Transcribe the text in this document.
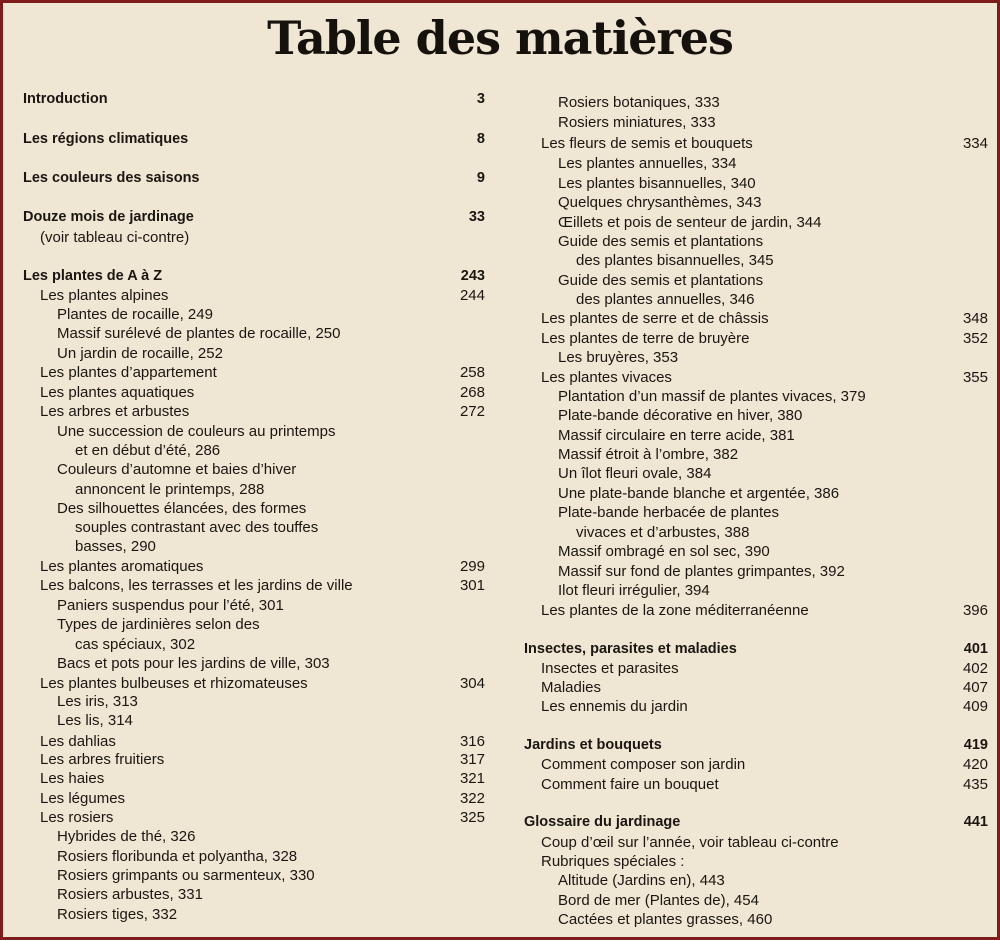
Table des matières
Introduction	3
Les régions climatiques	8
Les couleurs des saisons	9
Douze mois de jardinage	33
(voir tableau ci-contre)
Les plantes de A à Z	243
Les plantes alpines	244
Plantes de rocaille, 249
Massif surélevé de plantes de rocaille, 250
Un jardin de rocaille, 252
Les plantes d’appartement	258
Les plantes aquatiques	268
Les arbres et arbustes	272
Une succession de couleurs au printemps
et en début d’été, 286
Couleurs d’automne et baies d’hiver
annoncent le printemps, 288
Des silhouettes élancées, des formes
souples contrastant avec des touffes
basses, 290
Les plantes aromatiques	299
Les balcons, les terrasses et les jardins de ville	301
Paniers suspendus pour l’été, 301
Types de jardinières selon des
cas spéciaux, 302
Bacs et pots pour les jardins de ville, 303
Les plantes bulbeuses et rhizomateuses	304
Les iris, 313
Les lis, 314
Les dahlias	316
Les arbres fruitiers	317
Les haies	321
Les légumes	322
Les rosiers	325
Hybrides de thé, 326
Rosiers floribunda et polyantha, 328
Rosiers grimpants ou sarmenteux, 330
Rosiers arbustes, 331
Rosiers tiges, 332
Rosiers botaniques, 333
Rosiers miniatures, 333
Les fleurs de semis et bouquets	334
Les plantes annuelles, 334
Les plantes bisannuelles, 340
Quelques chrysanthèmes, 343
Œillets et pois de senteur de jardin, 344
Guide des semis et plantations
des plantes bisannuelles, 345
Guide des semis et plantations
des plantes annuelles, 346
Les plantes de serre et de châssis	348
Les plantes de terre de bruyère	352
Les bruyères, 353
Les plantes vivaces	355
Plantation d’un massif de plantes vivaces, 379
Plate-bande décorative en hiver, 380
Massif circulaire en terre acide, 381
Massif étroit à l’ombre, 382
Un îlot fleuri ovale, 384
Une plate-bande blanche et argentée, 386
Plate-bande herbacée de plantes
vivaces et d’arbustes, 388
Massif ombragé en sol sec, 390
Massif sur fond de plantes grimpantes, 392
Ilot fleuri irrégulier, 394
Les plantes de la zone méditerranéenne	396
Insectes, parasites et maladies	401
Insectes et parasites	402
Maladies	407
Les ennemis du jardin	409
Jardins et bouquets	419
Comment composer son jardin	420
Comment faire un bouquet	435
Glossaire du jardinage	441
Coup d’œil sur l’année, voir tableau ci-contre
Rubriques spéciales :
Altitude (Jardins en), 443
Bord de mer (Plantes de), 454
Cactées et plantes grasses, 460
